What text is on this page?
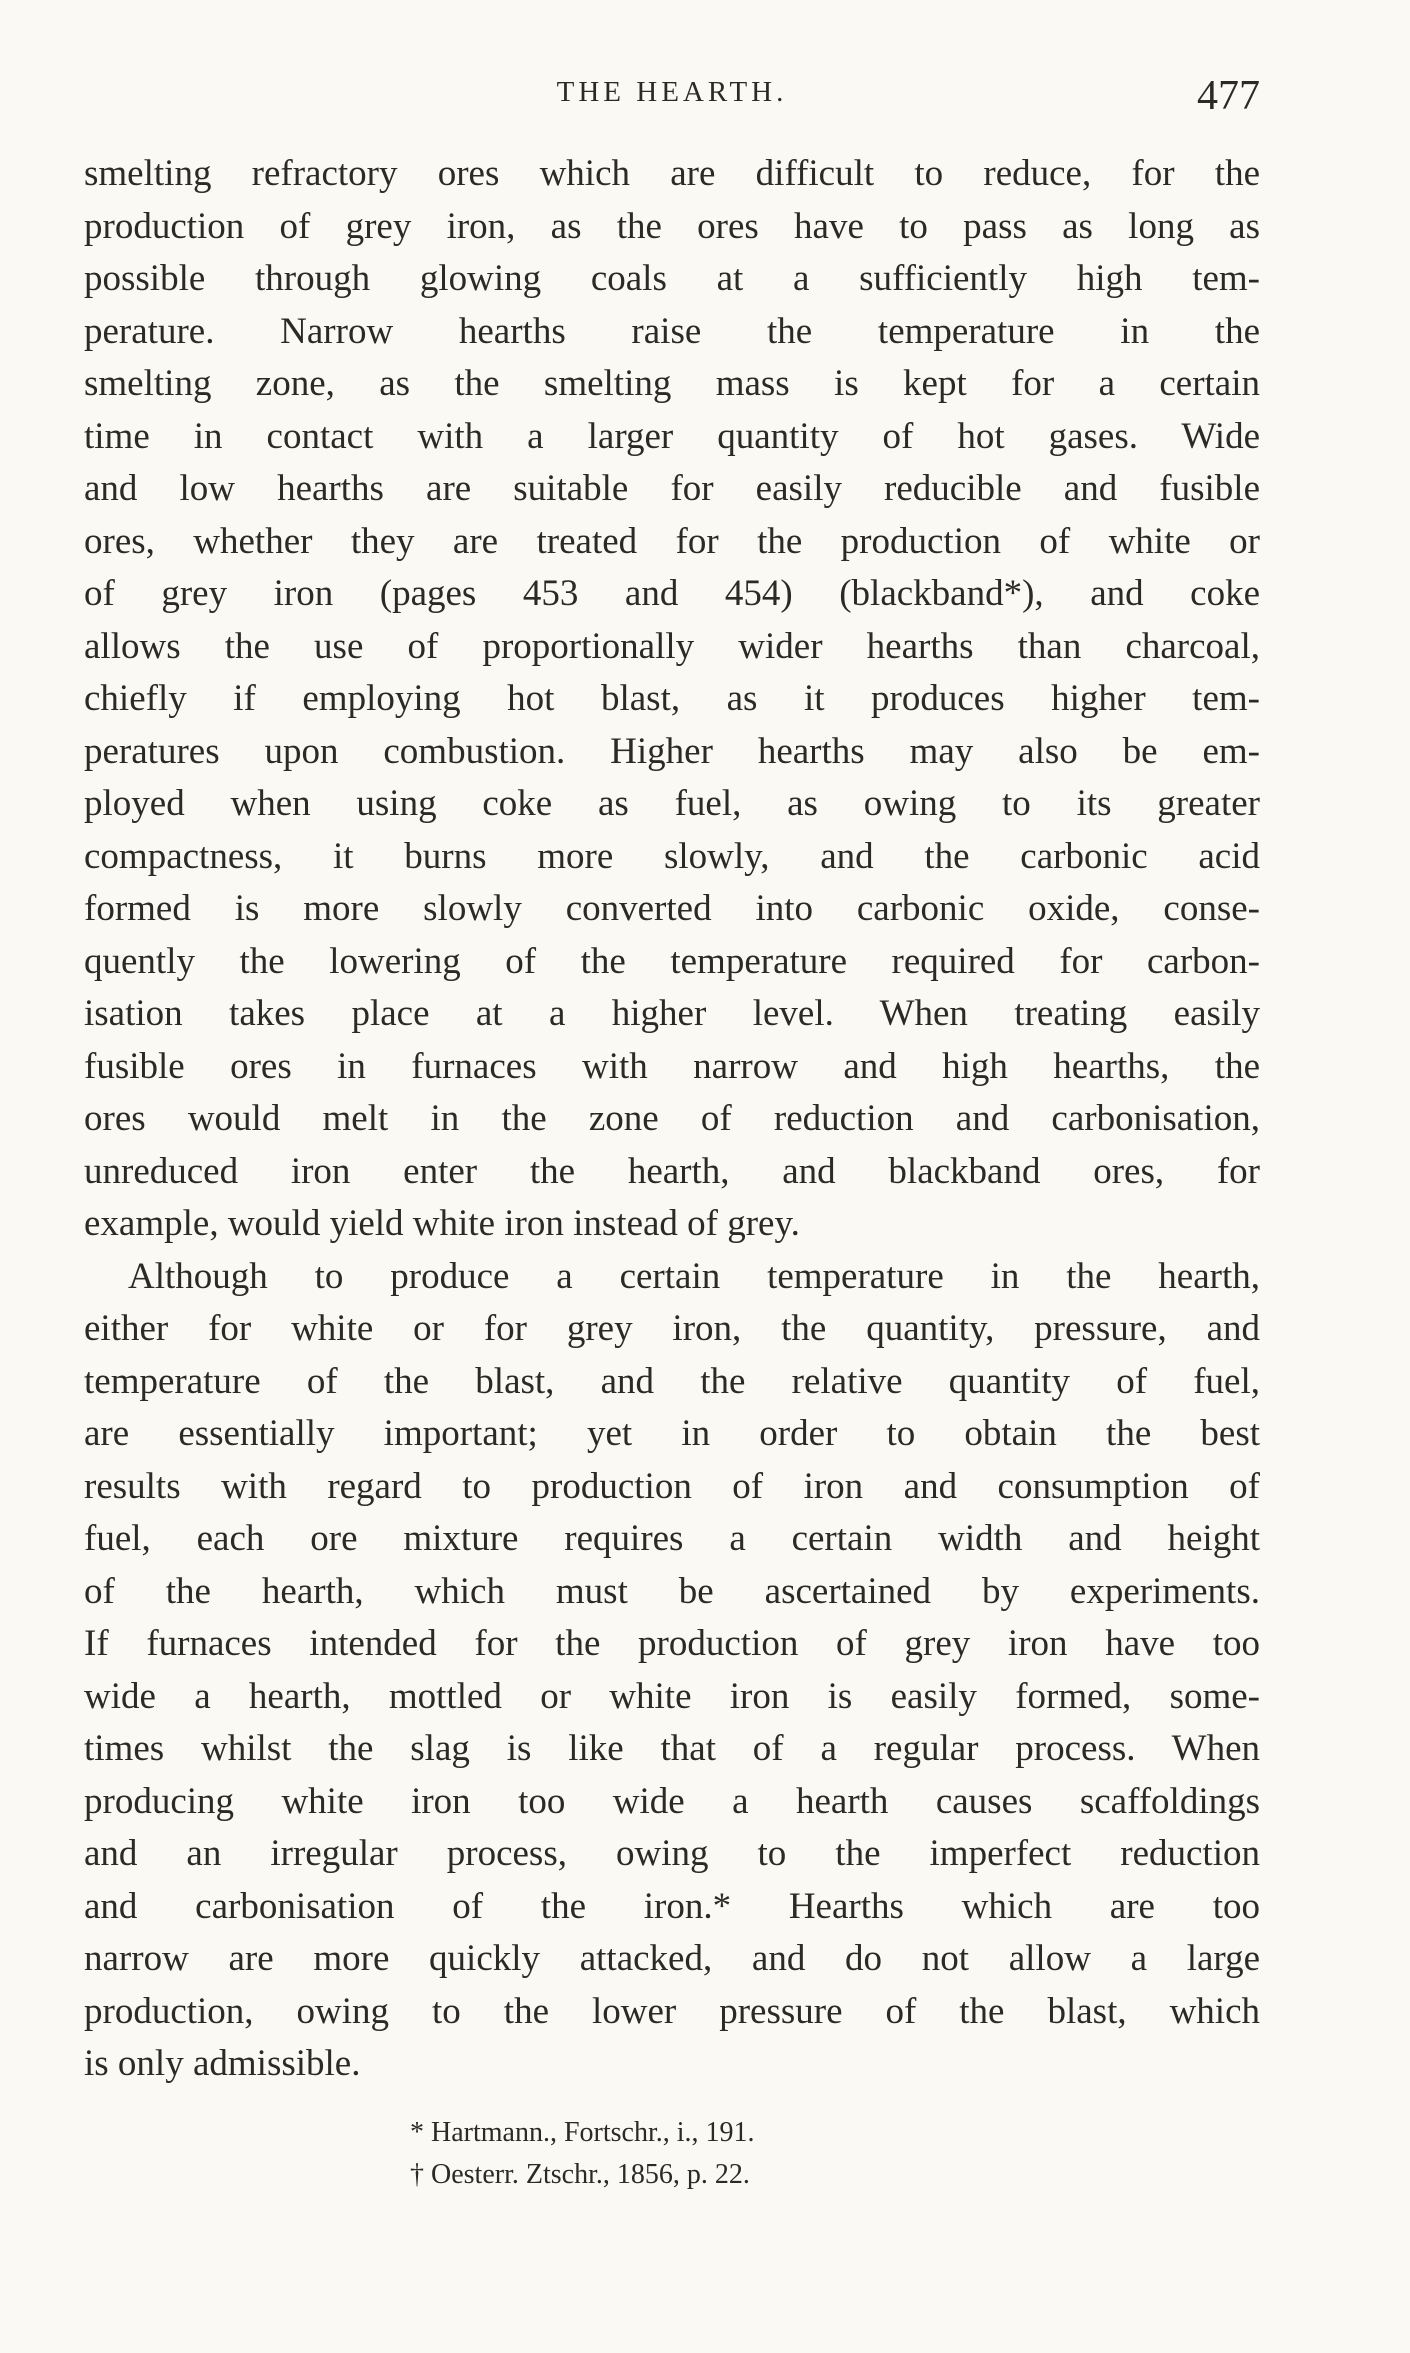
THE HEARTH.	477
smelting refractory ores which are difficult to reduce, for the
production of grey iron, as the ores have to pass as long as
possible through glowing coals at a sufficiently high tem-
perature. Narrow hearths raise the temperature in the
smelting zone, as the smelting mass is kept for a certain
time in contact with a larger quantity of hot gases. Wide
and low hearths are suitable for easily reducible and fusible
ores, whether they are treated for the production of white or
of grey iron (pages 453 and 454) (blackband*), and coke
allows the use of proportionally wider hearths than charcoal,
chiefly if employing hot blast, as it produces higher tem-
peratures upon combustion. Higher hearths may also be em-
ployed when using coke as fuel, as owing to its greater
compactness, it burns more slowly, and the carbonic acid
formed is more slowly converted into carbonic oxide, conse-
quently the lowering of the temperature required for carbon-
isation takes place at a higher level. When treating easily
fusible ores in furnaces with narrow and high hearths, the
ores would melt in the zone of reduction and carbonisation,
unreduced iron enter the hearth, and blackband ores, for
example, would yield white iron instead of grey.
Although to produce a certain temperature in the hearth,
either for white or for grey iron, the quantity, pressure, and
temperature of the blast, and the relative quantity of fuel,
are essentially important; yet in order to obtain the best
results with regard to production of iron and consumption of
fuel, each ore mixture requires a certain width and height
of the hearth, which must be ascertained by experiments.
If furnaces intended for the production of grey iron have too
wide a hearth, mottled or white iron is easily formed, some-
times whilst the slag is like that of a regular process. When
producing white iron too wide a hearth causes scaffoldings
and an irregular process, owing to the imperfect reduction
and carbonisation of the iron.* Hearths which are too
narrow are more quickly attacked, and do not allow a large
production, owing to the lower pressure of the blast, which
is only admissible.
* Hartmann., Fortschr., i., 191.
† Oesterr. Ztschr., 1856, p. 22.
